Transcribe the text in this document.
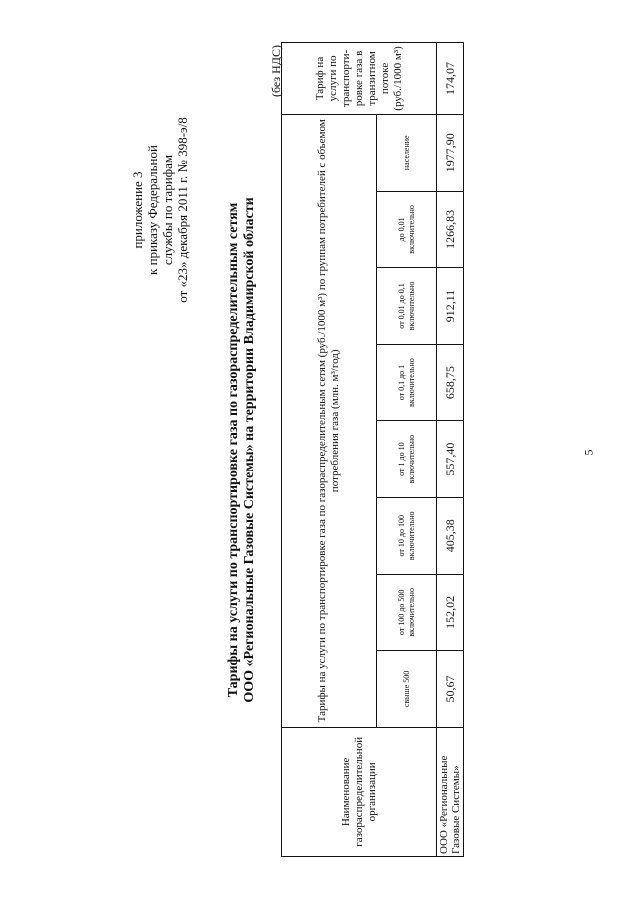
приложение 3 к приказу Федеральной службы по тарифам от «23» декабря 2011 г. № 398-э/8	Тарифы на услуги по транспортировке газа по газораспределительным сетям ООО «Региональные Газовые Системы» на территории Владимирской области
(без НДС)
Наименование газораспределительной организации	Тарифы на услуги по транспортировке газа по газораспределительным сетям (руб./1000 м³) по группам потребителей с объемом потребления газа (млн. м³/год)								Тариф на услуги по транспорти-ровке газа в транзитном потоке (руб./1000 м³)
	свыше 500	от 100 до 500 включительно	от 10 до 100 включительно	от 1 до 10 включительно	от 0,1 до 1 включительно	от 0,01 до 0,1 включительно	до 0,01 включительно	население	
ООО «Региональные Газовые Системы»	50,67	152,02	405,38	557,40	658,75	912,11	1266,83	1977,90	174,07
5
